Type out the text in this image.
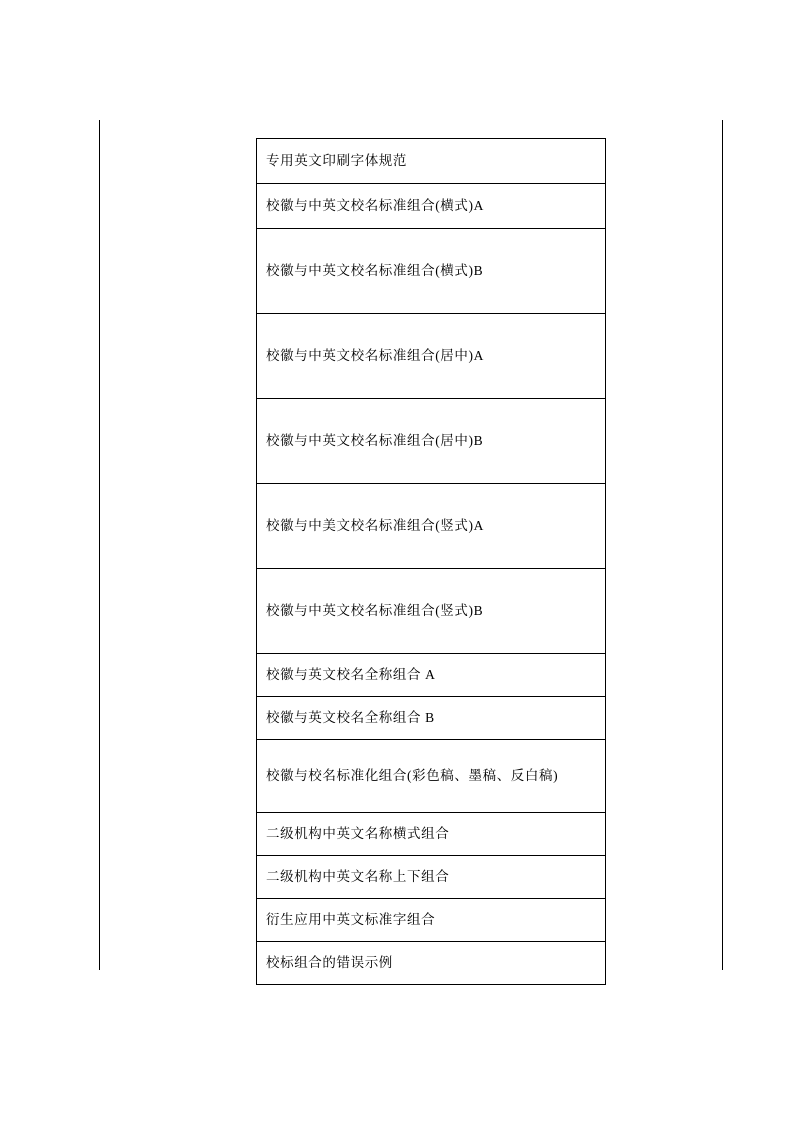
专用英文印刷字体规范

校徽与中英文校名标准组合(横式)A

校徽与中英文校名标准组合(横式)B

校徽与中英文校名标准组合(居中)A

校徽与中英文校名标准组合(居中)B

校徽与中美文校名标准组合(竖式)A

校徽与中英文校名标准组合(竖式)B

校徽与英文校名全称组合 A

校徽与英文校名全称组合 B

校徽与校名标准化组合(彩色稿、墨稿、反白稿)

二级机构中英文名称横式组合

二级机构中英文名称上下组合

衍生应用中英文标准字组合

校标组合的错误示例
